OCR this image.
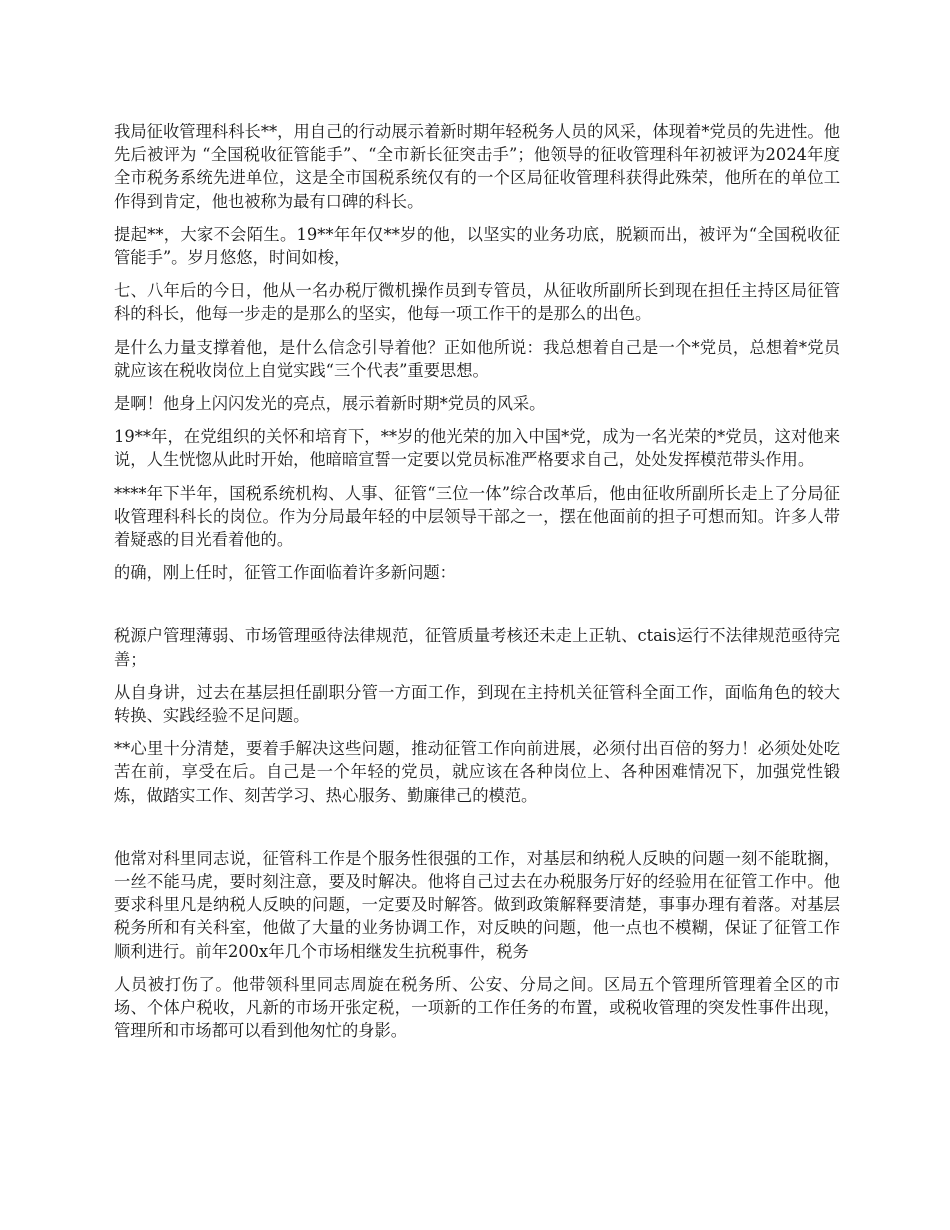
我局征收管理科科长**，用自己的行动展示着新时期年轻税务人员的风采，体现着*党员的先进性。他先后被评为 “全国税收征管能手”、“全市新长征突击手”；他领导的征收管理科年初被评为2024年度全市税务系统先进单位，这是全市国税系统仅有的一个区局征收管理科获得此殊荣，他所在的单位工作得到肯定，他也被称为最有口碑的科长。

提起**，大家不会陌生。19**年年仅**岁的他，以坚实的业务功底，脱颖而出，被评为“全国税收征管能手”。岁月悠悠，时间如梭，

七、八年后的今日，他从一名办税厅微机操作员到专管员，从征收所副所长到现在担任主持区局征管科的科长，他每一步走的是那么的坚实，他每一项工作干的是那么的出色。

是什么力量支撑着他，是什么信念引导着他？正如他所说：我总想着自己是一个*党员，总想着*党员就应该在税收岗位上自觉实践“三个代表”重要思想。

是啊！他身上闪闪发光的亮点，展示着新时期*党员的风采。

19**年，在党组织的关怀和培育下，**岁的他光荣的加入中国*党，成为一名光荣的*党员，这对他来说，人生恍惚从此时开始，他暗暗宣誓一定要以党员标准严格要求自己，处处发挥模范带头作用。

****年下半年，国税系统机构、人事、征管“三位一体”综合改革后，他由征收所副所长走上了分局征收管理科科长的岗位。作为分局最年轻的中层领导干部之一，摆在他面前的担子可想而知。许多人带着疑惑的目光看着他的。

的确，刚上任时，征管工作面临着许多新问题：

税源户管理薄弱、市场管理亟待法律规范，征管质量考核还未走上正轨、ctais运行不法律规范亟待完善；

从自身讲，过去在基层担任副职分管一方面工作，到现在主持机关征管科全面工作，面临角色的较大转换、实践经验不足问题。

**心里十分清楚，要着手解决这些问题，推动征管工作向前进展，必须付出百倍的努力！必须处处吃苦在前，享受在后。自己是一个年轻的党员，就应该在各种岗位上、各种困难情况下，加强党性锻炼，做踏实工作、刻苦学习、热心服务、勤廉律己的模范。

他常对科里同志说，征管科工作是个服务性很强的工作，对基层和纳税人反映的问题一刻不能耽搁，一丝不能马虎，要时刻注意，要及时解决。他将自己过去在办税服务厅好的经验用在征管工作中。他要求科里凡是纳税人反映的问题，一定要及时解答。做到政策解释要清楚，事事办理有着落。对基层税务所和有关科室，他做了大量的业务协调工作，对反映的问题，他一点也不模糊，保证了征管工作顺利进行。前年200x年几个市场相继发生抗税事件，税务

人员被打伤了。他带领科里同志周旋在税务所、公安、分局之间。区局五个管理所管理着全区的市场、个体户税收，凡新的市场开张定税，一项新的工作任务的布置，或税收管理的突发性事件出现，管理所和市场都可以看到他匆忙的身影。
